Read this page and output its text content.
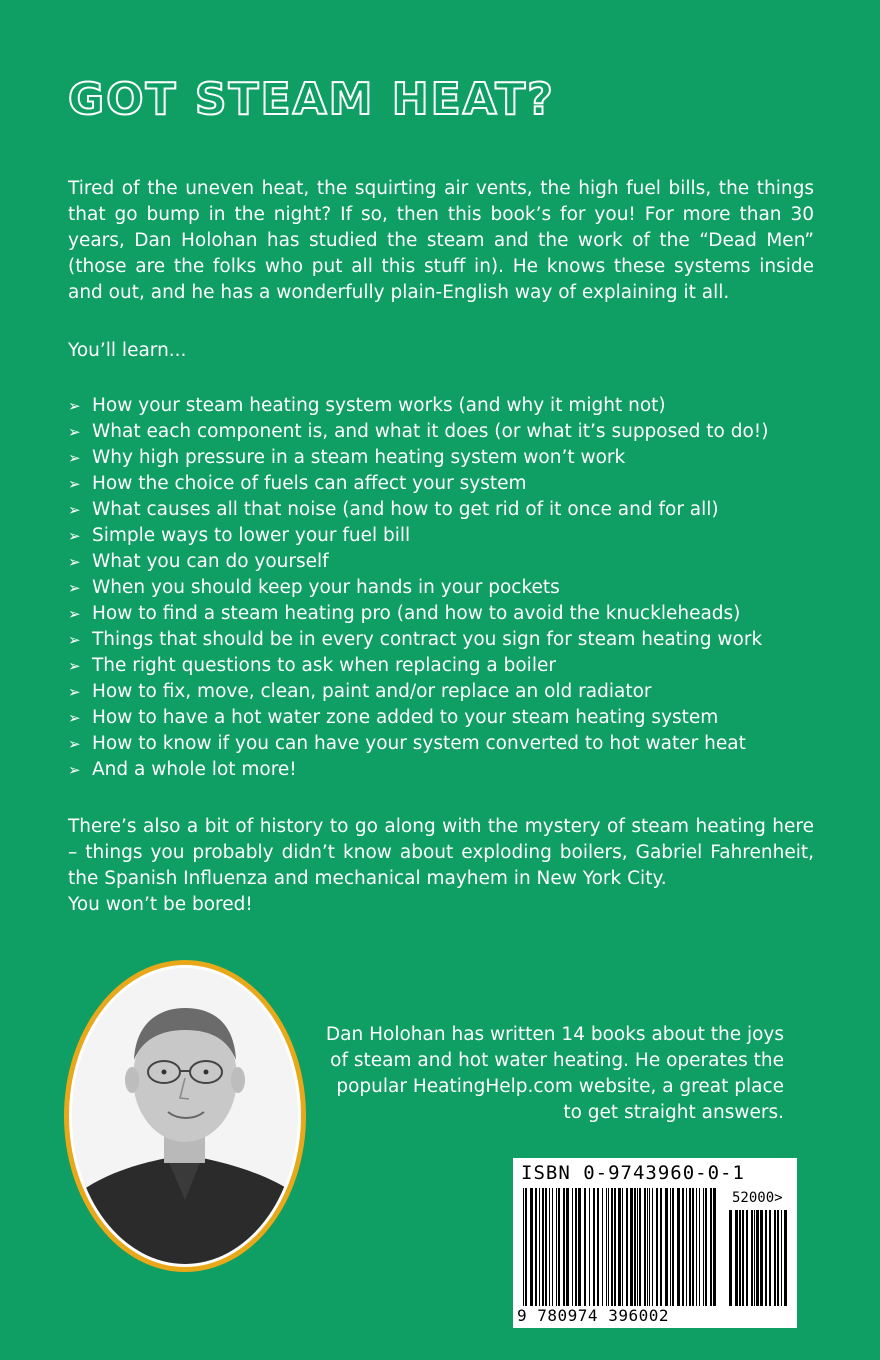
GOT STEAM HEAT?

Tired of the uneven heat, the squirting air vents, the high fuel bills, the things that go bump in the night? If so, then this book’s for you! For more than 30 years, Dan Holohan has studied the steam and the work of the “Dead Men” (those are the folks who put all this stuff in). He knows these systems inside and out, and he has a wonderfully plain-English way of explaining it all.

You’ll learn...

➢ How your steam heating system works (and why it might not)
➢ What each component is, and what it does (or what it’s supposed to do!)
➢ Why high pressure in a steam heating system won’t work
➢ How the choice of fuels can affect your system
➢ What causes all that noise (and how to get rid of it once and for all)
➢ Simple ways to lower your fuel bill
➢ What you can do yourself
➢ When you should keep your hands in your pockets
➢ How to find a steam heating pro (and how to avoid the knuckleheads)
➢ Things that should be in every contract you sign for steam heating work
➢ The right questions to ask when replacing a boiler
➢ How to fix, move, clean, paint and/or replace an old radiator
➢ How to have a hot water zone added to your steam heating system
➢ How to know if you can have your system converted to hot water heat
➢ And a whole lot more!
There’s also a bit of history to go along with the mystery of steam heating here – things you probably didn’t know about exploding boilers, Gabriel Fahrenheit, the Spanish Influenza and mechanical mayhem in New York City.
You won’t be bored!

Dan Holohan has written 14 books about the joys of steam and hot water heating. He operates the popular HeatingHelp.com website, a great place to get straight answers.

ISBN 0-9743960-0-1
52000>
9 780974 396002
